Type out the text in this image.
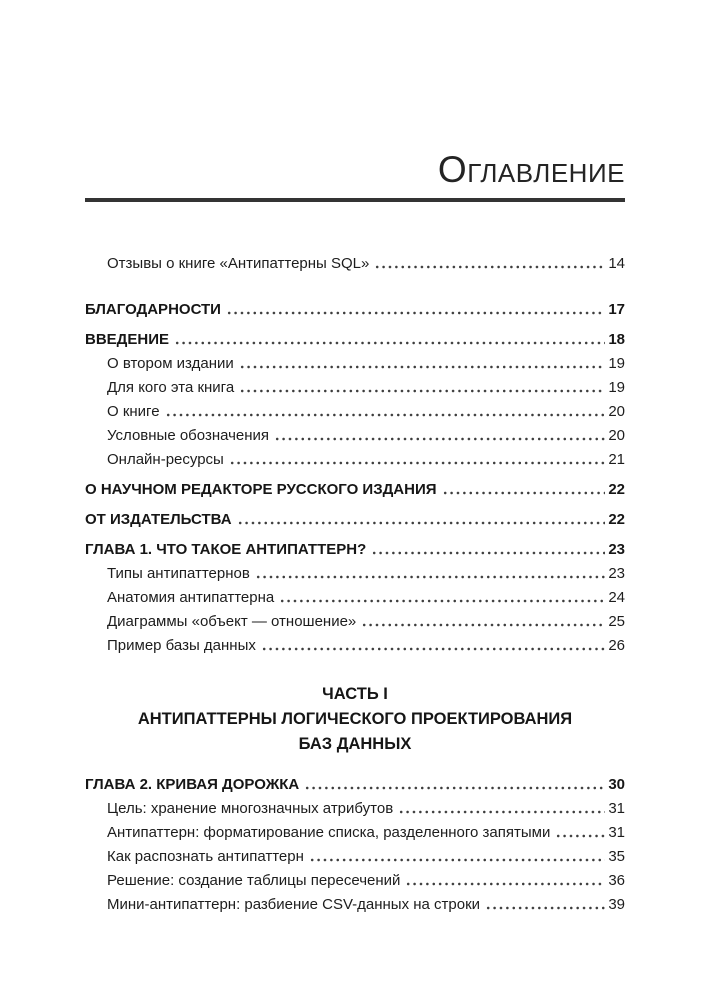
Оглавление
Отзывы о книге «Антипаттерны SQL»	14
БЛАГОДАРНОСТИ	17
ВВЕДЕНИЕ	18
О втором издании	19
Для кого эта книга	19
О книге	20
Условные обозначения	20
Онлайн-ресурсы	21
О НАУЧНОМ РЕДАКТОРЕ РУССКОГО ИЗДАНИЯ	22
ОТ ИЗДАТЕЛЬСТВА	22
ГЛАВА 1. ЧТО ТАКОЕ АНТИПАТТЕРН?	23
Типы антипаттернов	23
Анатомия антипаттерна	24
Диаграммы «объект — отношение»	25
Пример базы данных	26
ЧАСТЬ I
АНТИПАТТЕРНЫ ЛОГИЧЕСКОГО ПРОЕКТИРОВАНИЯ
БАЗ ДАННЫХ
ГЛАВА 2. КРИВАЯ ДОРОЖКА	30
Цель: хранение многозначных атрибутов	31
Антипаттерн: форматирование списка, разделенного запятыми	31
Как распознать антипаттерн	35
Решение: создание таблицы пересечений	36
Мини-антипаттерн: разбиение CSV-данных на строки	39
